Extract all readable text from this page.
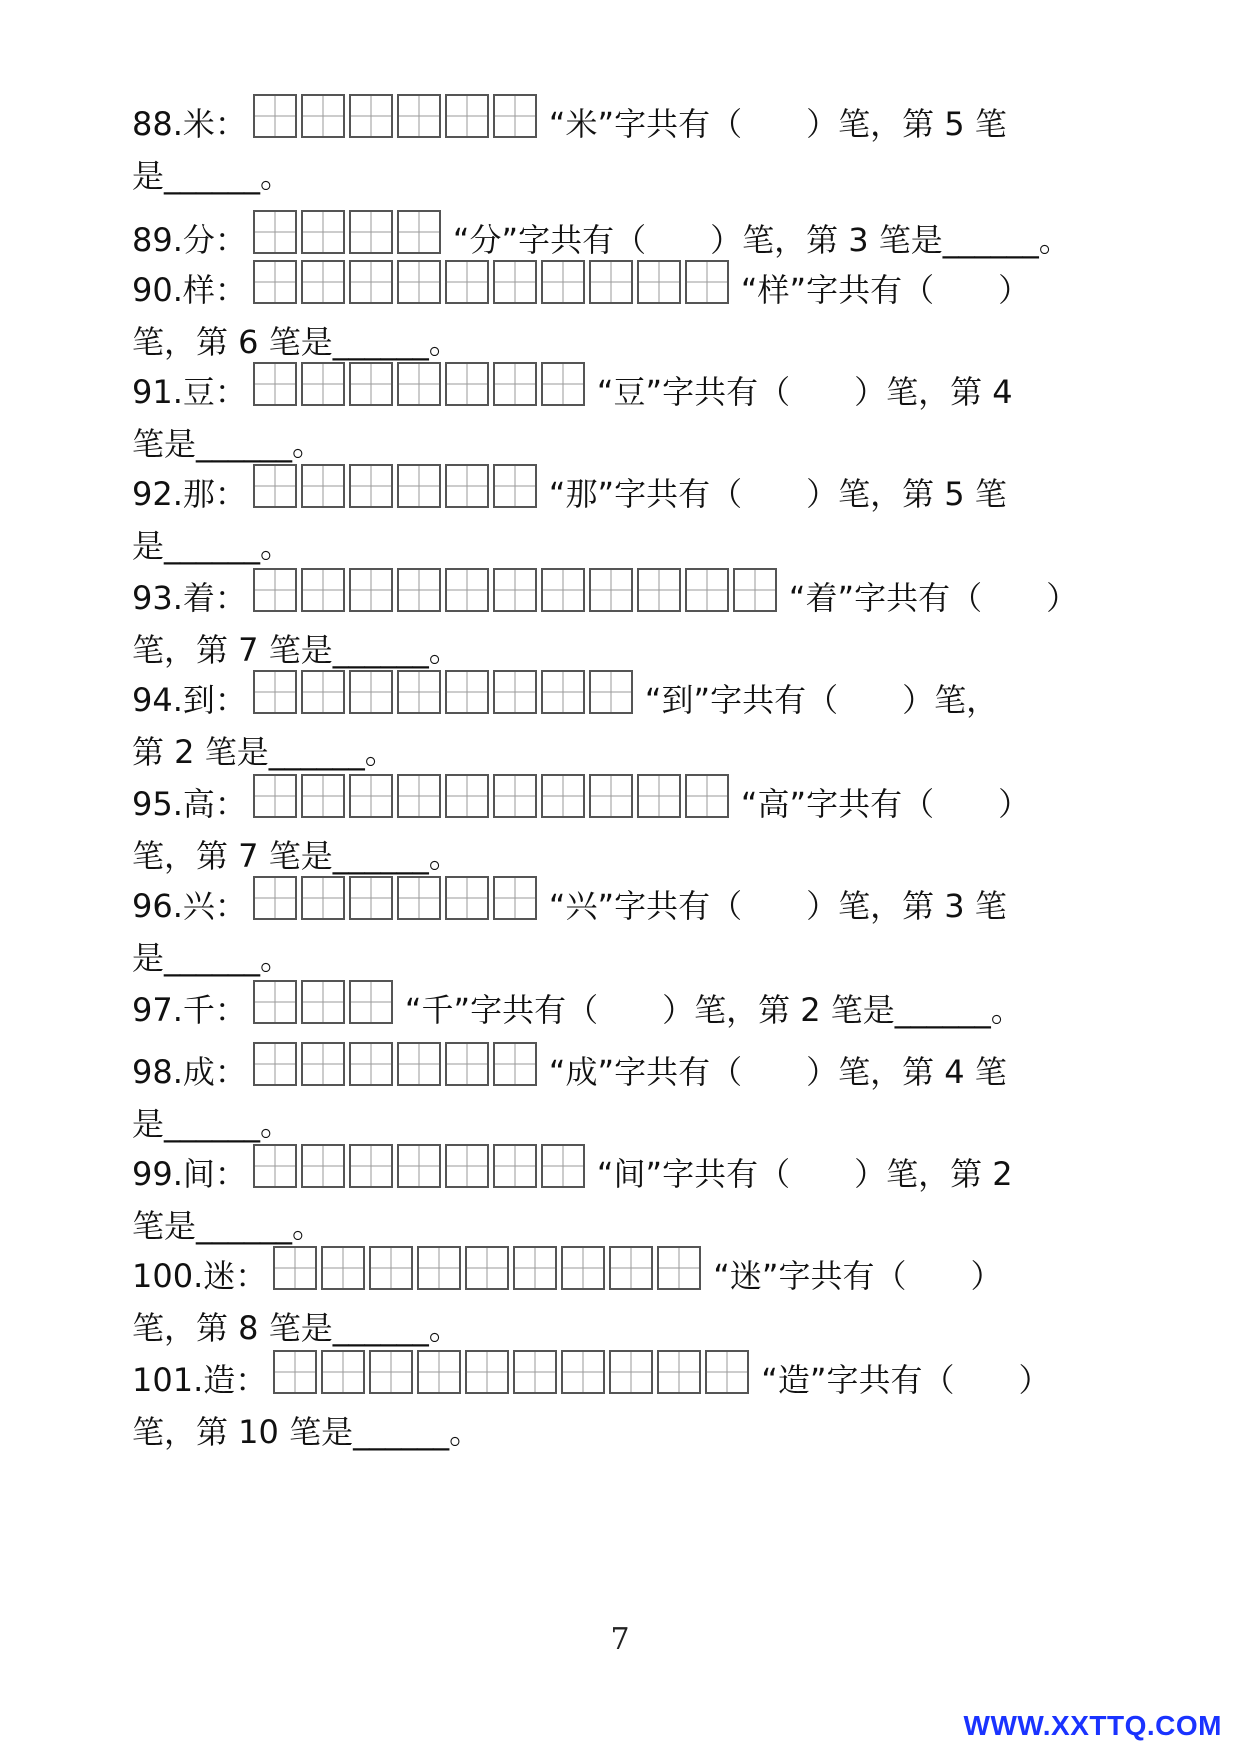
88. 米 ：	“米”字共有（　　）笔，第 5 笔
是______。
89. 分 ：	“分”字共有（　　）笔，第 3 笔是______。
90. 样 ：	“样”字共有（　　）
笔，第 6 笔是______。
91. 豆 ：	“豆”字共有（　　）笔，第 4
笔是______。
92. 那 ：	“那”字共有（　　）笔，第 5 笔
是______。
93. 着 ：	“着”字共有（　　）
笔，第 7 笔是______。
94. 到 ：	“到”字共有（　　）笔，
第 2 笔是______。
95. 高 ：	“高”字共有（　　）
笔，第 7 笔是______。
96. 兴 ：	“兴”字共有（　　）笔，第 3 笔
是______。
97. 千 ：	“千”字共有（　　）笔，第 2 笔是______。
98. 成 ：	“成”字共有（　　）笔，第 4 笔
是______。
99. 间 ：	“间”字共有（　　）笔，第 2
笔是______。
100. 迷 ：	“迷”字共有（　　）
笔，第 8 笔是______。
101. 造 ：	“造”字共有（　　）
笔，第 10 笔是______。
7
WWW.XXTTQ.COM
